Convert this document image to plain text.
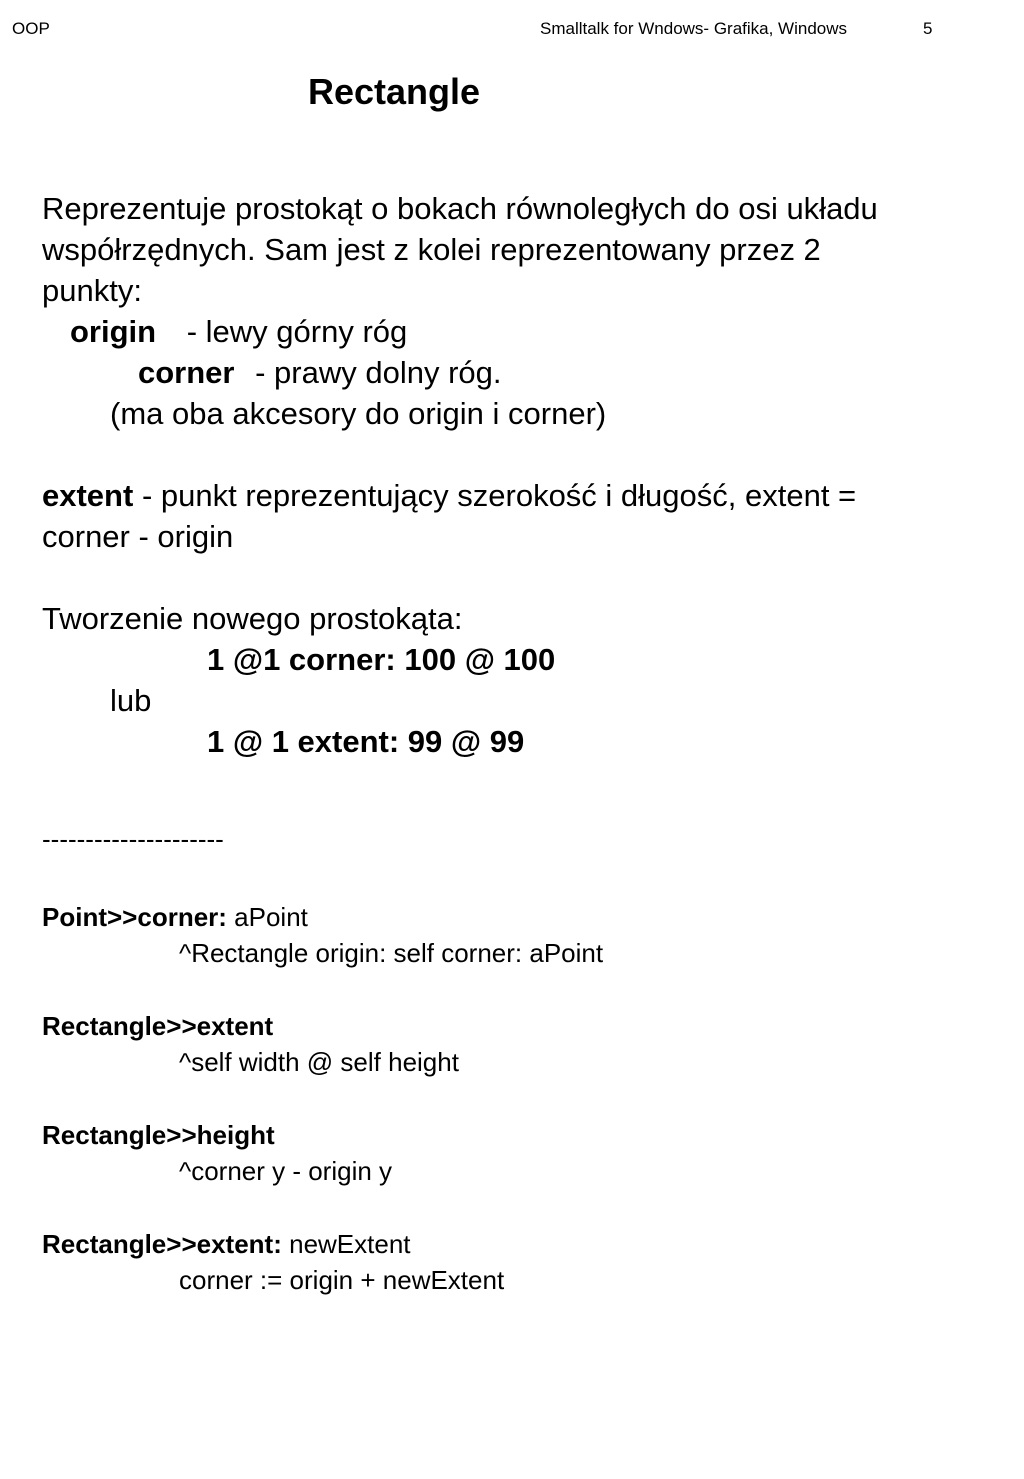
OOP	Smalltalk for Wndows- Grafika, Windows	5
Rectangle
Reprezentuje prostokąt o bokach równoległych do osi układu
współrzędnych. Sam jest z kolei reprezentowany przez 2
punkty:
origin - lewy górny róg
corner - prawy dolny róg.
(ma oba akcesory do origin i corner)
extent - punkt reprezentujący szerokość i długość, extent =
corner - origin
Tworzenie nowego prostokąta:
1 @1 corner: 100 @ 100
lub
1 @ 1 extent: 99 @ 99
---------------------
Point>>corner: aPoint
^Rectangle origin: self corner: aPoint
Rectangle>>extent
^self width @ self height
Rectangle>>height
^corner y - origin y
Rectangle>>extent: newExtent
corner := origin + newExtent
